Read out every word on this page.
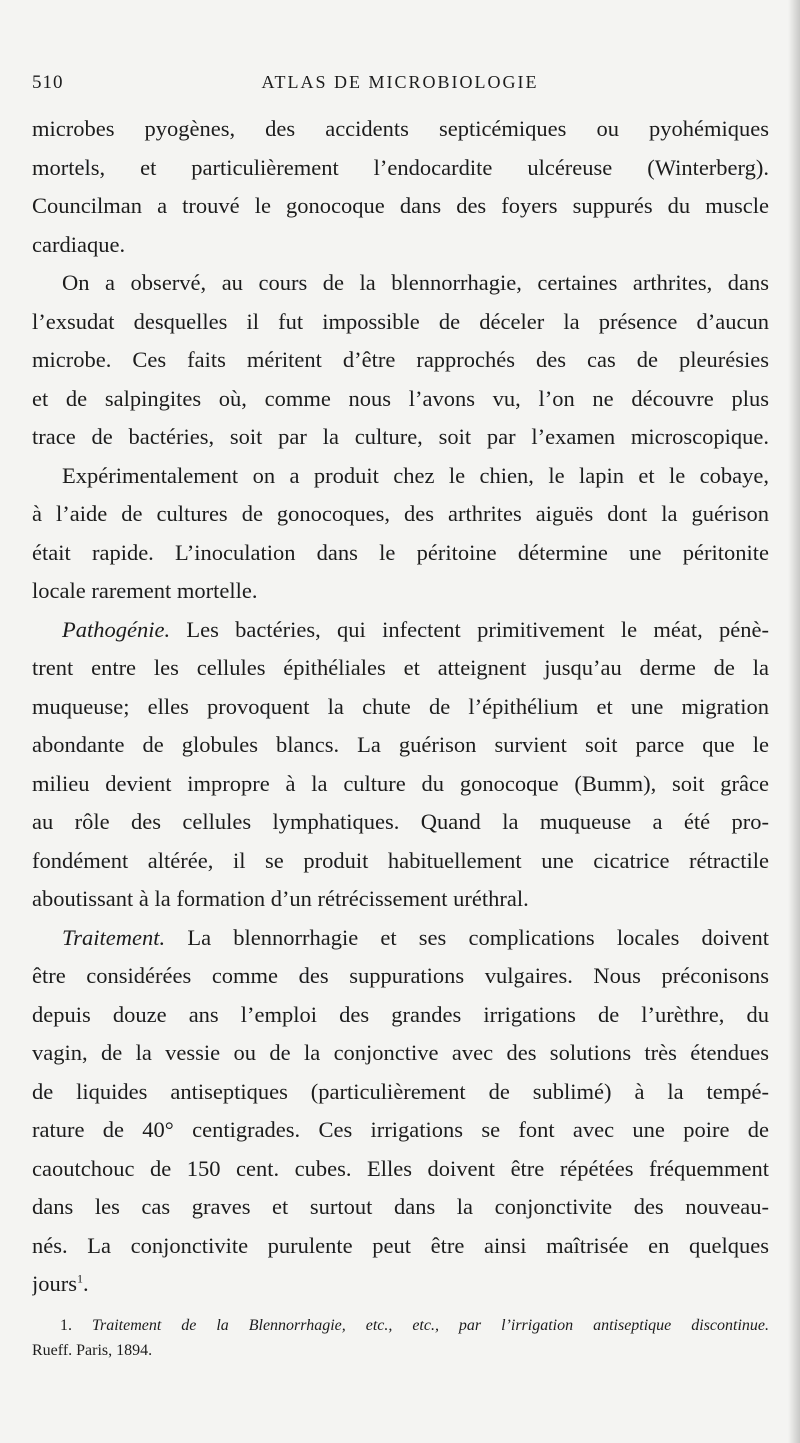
510	ATLAS DE MICROBIOLOGIE
microbes pyogènes, des accidents septicémiques ou pyohémiques
mortels, et particulièrement l’endocardite ulcéreuse (Winterberg).
Councilman a trouvé le gonocoque dans des foyers suppurés du muscle
cardiaque.
On a observé, au cours de la blennorrhagie, certaines arthrites, dans
l’exsudat desquelles il fut impossible de déceler la présence d’aucun
microbe. Ces faits méritent d’être rapprochés des cas de pleurésies
et de salpingites où, comme nous l’avons vu, l’on ne découvre plus
trace de bactéries, soit par la culture, soit par l’examen microscopique.
Expérimentalement on a produit chez le chien, le lapin et le cobaye,
à l’aide de cultures de gonocoques, des arthrites aiguës dont la guérison
était rapide. L’inoculation dans le péritoine détermine une péritonite
locale rarement mortelle.
Pathogénie. Les bactéries, qui infectent primitivement le méat, pénè-
trent entre les cellules épithéliales et atteignent jusqu’au derme de la
muqueuse; elles provoquent la chute de l’épithélium et une migration
abondante de globules blancs. La guérison survient soit parce que le
milieu devient impropre à la culture du gonocoque (Bumm), soit grâce
au rôle des cellules lymphatiques. Quand la muqueuse a été pro-
fondément altérée, il se produit habituellement une cicatrice rétractile
aboutissant à la formation d’un rétrécissement uréthral.
Traitement. La blennorrhagie et ses complications locales doivent
être considérées comme des suppurations vulgaires. Nous préconisons
depuis douze ans l’emploi des grandes irrigations de l’urèthre, du
vagin, de la vessie ou de la conjonctive avec des solutions très étendues
de liquides antiseptiques (particulièrement de sublimé) à la tempé-
rature de 40° centigrades. Ces irrigations se font avec une poire de
caoutchouc de 150 cent. cubes. Elles doivent être répétées fréquemment
dans les cas graves et surtout dans la conjonctivite des nouveau-
nés. La conjonctivite purulente peut être ainsi maîtrisée en quelques
jours$^1$.
1. Traitement de la Blennorrhagie, etc., etc., par l’irrigation antiseptique discontinue.
Rueff. Paris, 1894.
